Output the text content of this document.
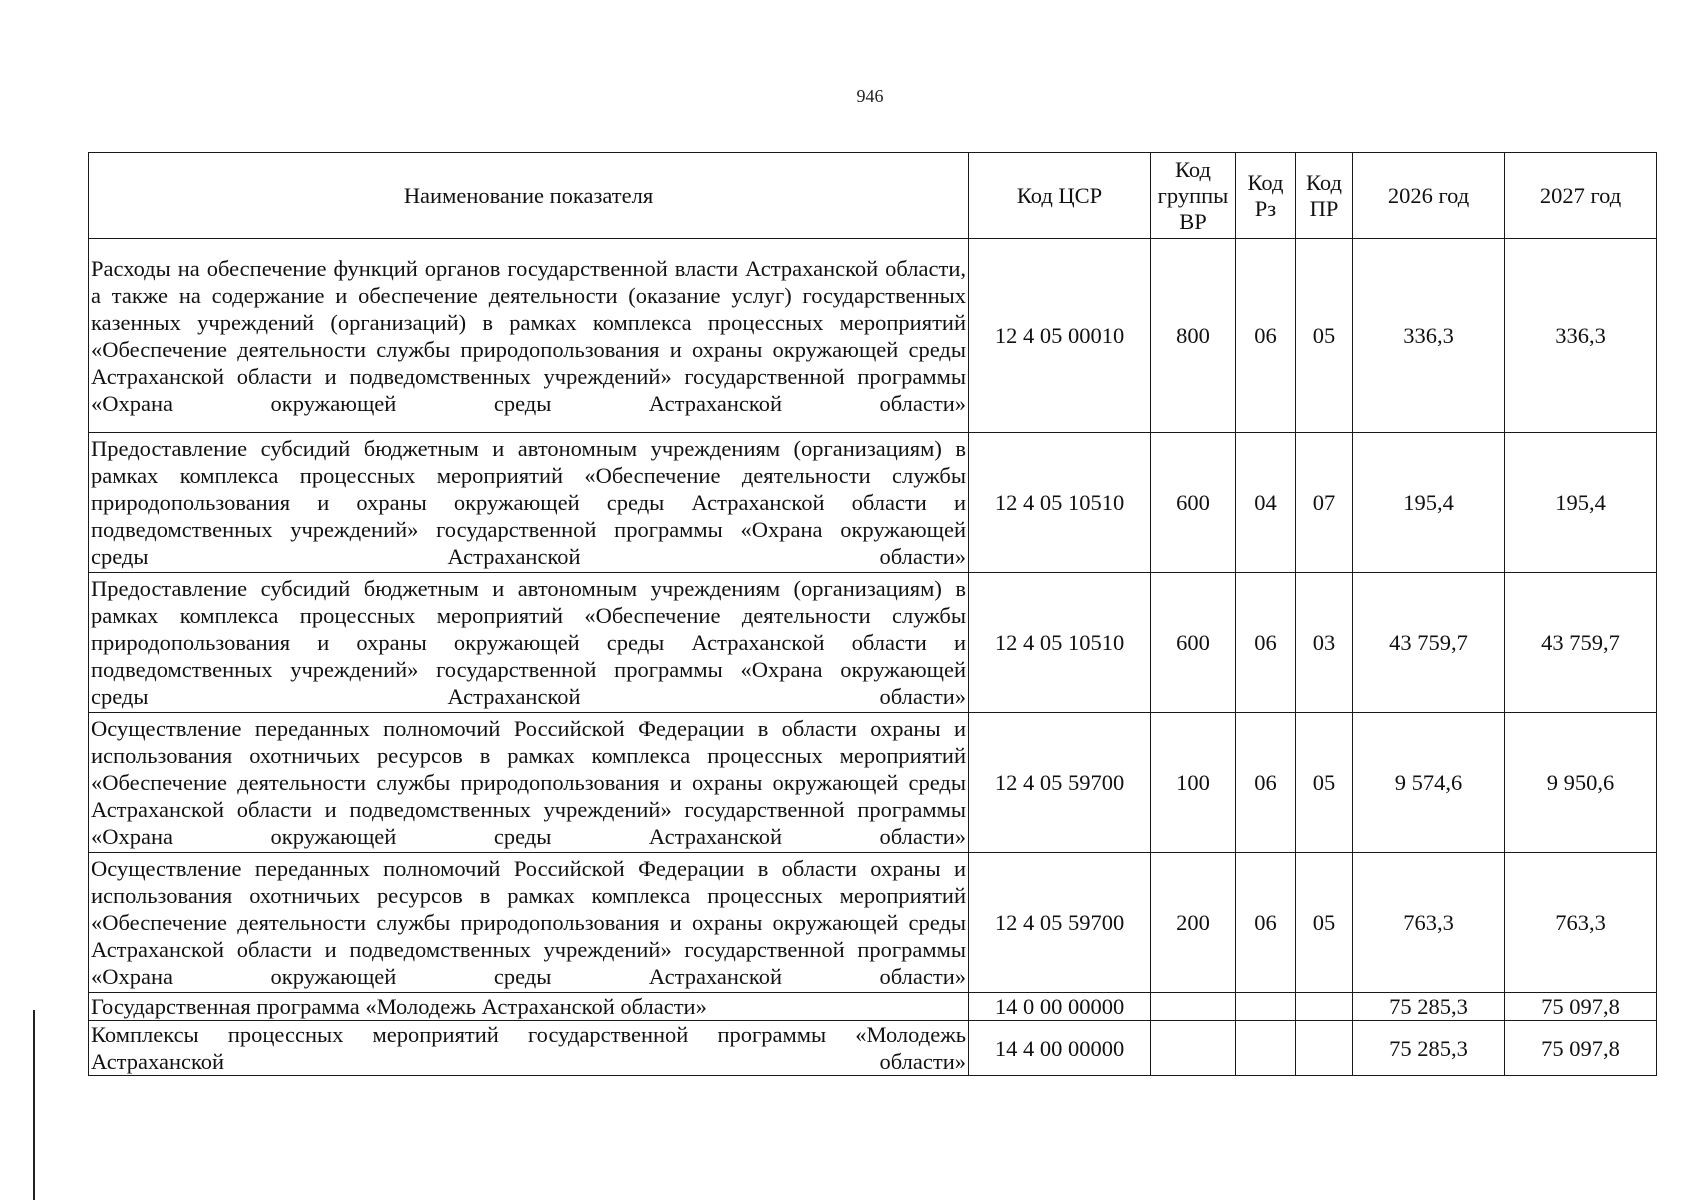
946
Наименование показателя	Код ЦСР	Код группы ВР	Код Рз	Код ПР	2026 год	2027 год
Расходы на обеспечение функций органов государственной власти Астраханской области, а также на содержание и обеспечение деятельности (оказание услуг) государственных казенных учреждений (организаций) в рамках комплекса процессных мероприятий «Обеспечение деятельности службы природопользования и охраны окружающей среды Астраханской области и подведомственных учреждений» государственной программы «Охрана окружающей среды Астраханской области»	12 4 05 00010	800	06	05	336,3	336,3
Предоставление субсидий бюджетным и автономным учреждениям (организациям) в рамках комплекса процессных мероприятий «Обеспечение деятельности службы природопользования и охраны окружающей среды Астраханской области и подведомственных учреждений» государственной программы «Охрана окружающей среды Астраханской области»	12 4 05 10510	600	04	07	195,4	195,4
Предоставление субсидий бюджетным и автономным учреждениям (организациям) в рамках комплекса процессных мероприятий «Обеспечение деятельности службы природопользования и охраны окружающей среды Астраханской области и подведомственных учреждений» государственной программы «Охрана окружающей среды Астраханской области»	12 4 05 10510	600	06	03	43 759,7	43 759,7
Осуществление переданных полномочий Российской Федерации в области охраны и использования охотничьих ресурсов в рамках комплекса процессных мероприятий «Обеспечение деятельности службы природопользования и охраны окружающей среды Астраханской области и подведомственных учреждений» государственной программы «Охрана окружающей среды Астраханской области»	12 4 05 59700	100	06	05	9 574,6	9 950,6
Осуществление переданных полномочий Российской Федерации в области охраны и использования охотничьих ресурсов в рамках комплекса процессных мероприятий «Обеспечение деятельности службы природопользования и охраны окружающей среды Астраханской области и подведомственных учреждений» государственной программы «Охрана окружающей среды Астраханской области»	12 4 05 59700	200	06	05	763,3	763,3
Государственная программа «Молодежь Астраханской области»	14 0 00 00000				75 285,3	75 097,8
Комплексы процессных мероприятий государственной программы «Молодежь Астраханской области»	14 4 00 00000				75 285,3	75 097,8
